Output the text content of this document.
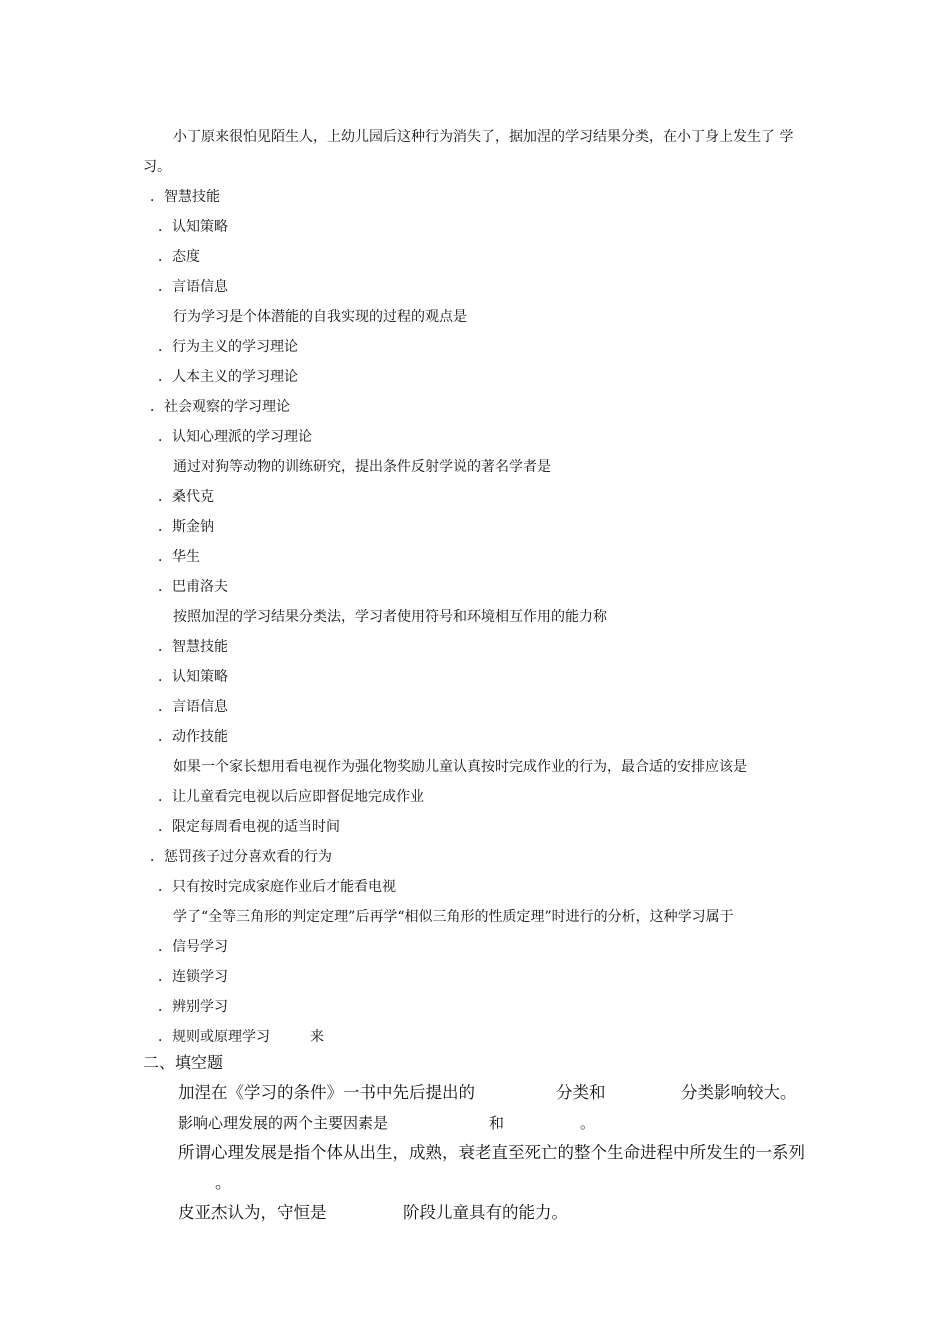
小丁原来很怕见陌生人，上幼儿园后这种行为消失了，据加涅的学习结果分类，在小丁身上发生了 学
习。
．智慧技能
．认知策略
．态度
．言语信息
行为学习是个体潜能的自我实现的过程的观点是
．行为主义的学习理论
．人本主义的学习理论
．社会观察的学习理论
．认知心理派的学习理论
通过对狗等动物的训练研究，提出条件反射学说的著名学者是
．桑代克
．斯金钠
．华生
．巴甫洛夫
按照加涅的学习结果分类法，学习者使用符号和环境相互作用的能力称
．智慧技能
．认知策略
．言语信息
．动作技能
如果一个家长想用看电视作为强化物奖励儿童认真按时完成作业的行为，最合适的安排应该是
．让儿童看完电视以后应即督促地完成作业
．限定每周看电视的适当时间
．惩罚孩子过分喜欢看的行为
．只有按时完成家庭作业后才能看电视
学了“全等三角形的判定定理”后再学“相似三角形的性质定理”时进行的分析，这种学习属于
．信号学习
．连锁学习
．辨别学习
．规则或原理学习	来
二、填空题
加涅在《学习的条件》一书中先后提出的	分类和	分类影响较大。
影响心理发展的两个主要因素是	和	。
所谓心理发展是指个体从出生，成熟，衰老直至死亡的整个生命进程中所发生的一系列
。
皮亚杰认为，守恒是	阶段儿童具有的能力。
